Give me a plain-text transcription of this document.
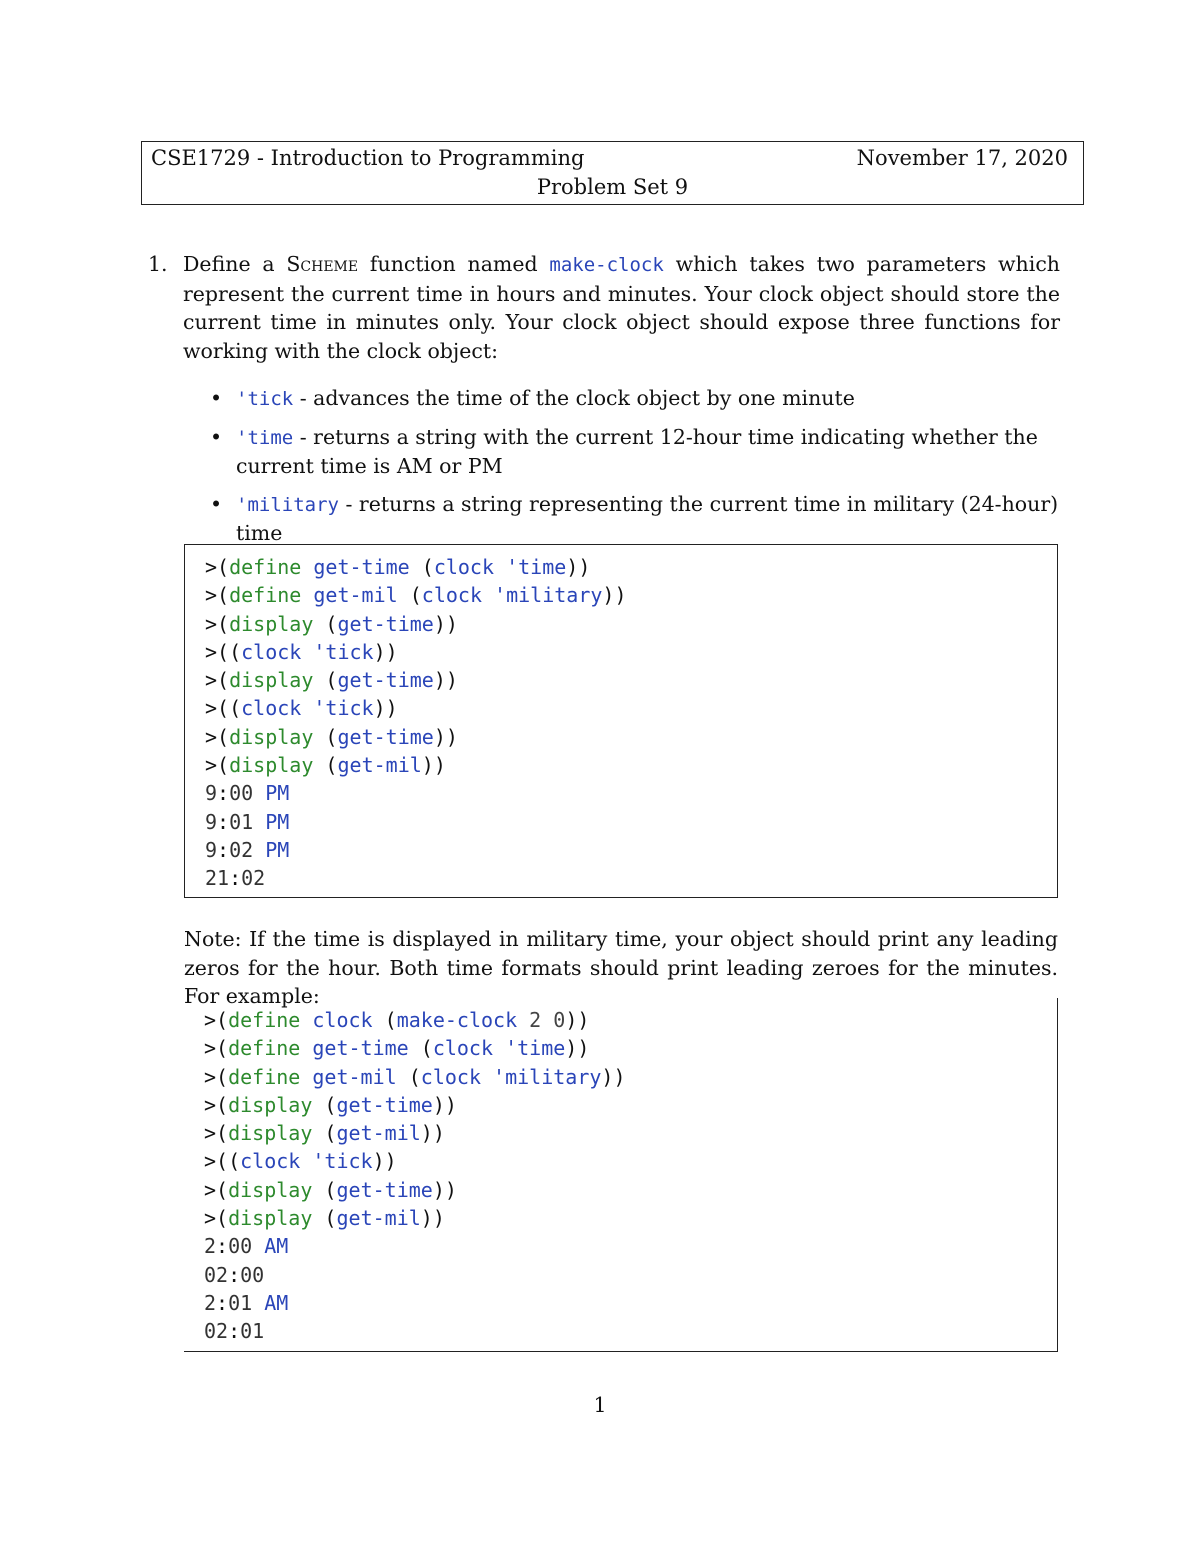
CSE1729 - Introduction to Programming	November 17, 2020
Problem Set 9
1. Define a Scheme function named make-clock which takes two parameters which represent the current time in hours and minutes. Your clock object should store the current time in minutes only. Your clock object should expose three functions for working with the clock object:
• 'tick - advances the time of the clock object by one minute
• 'time - returns a string with the current 12-hour time indicating whether the current time is AM or PM
• 'military - returns a string representing the current time in military (24-hour) time
>(define get-time (clock 'time))
>(define get-mil (clock 'military))
>(display (get-time))
>((clock 'tick))
>(display (get-time))
>((clock 'tick))
>(display (get-time))
>(display (get-mil))
9:00 PM
9:01 PM
9:02 PM
21:02
Note: If the time is displayed in military time, your object should print any leading zeros for the hour. Both time formats should print leading zeroes for the minutes. For example:
>(define clock (make-clock 2 0))
>(define get-time (clock 'time))
>(define get-mil (clock 'military))
>(display (get-time))
>(display (get-mil))
>((clock 'tick))
>(display (get-time))
>(display (get-mil))
2:00 AM
02:00
2:01 AM
02:01
1
